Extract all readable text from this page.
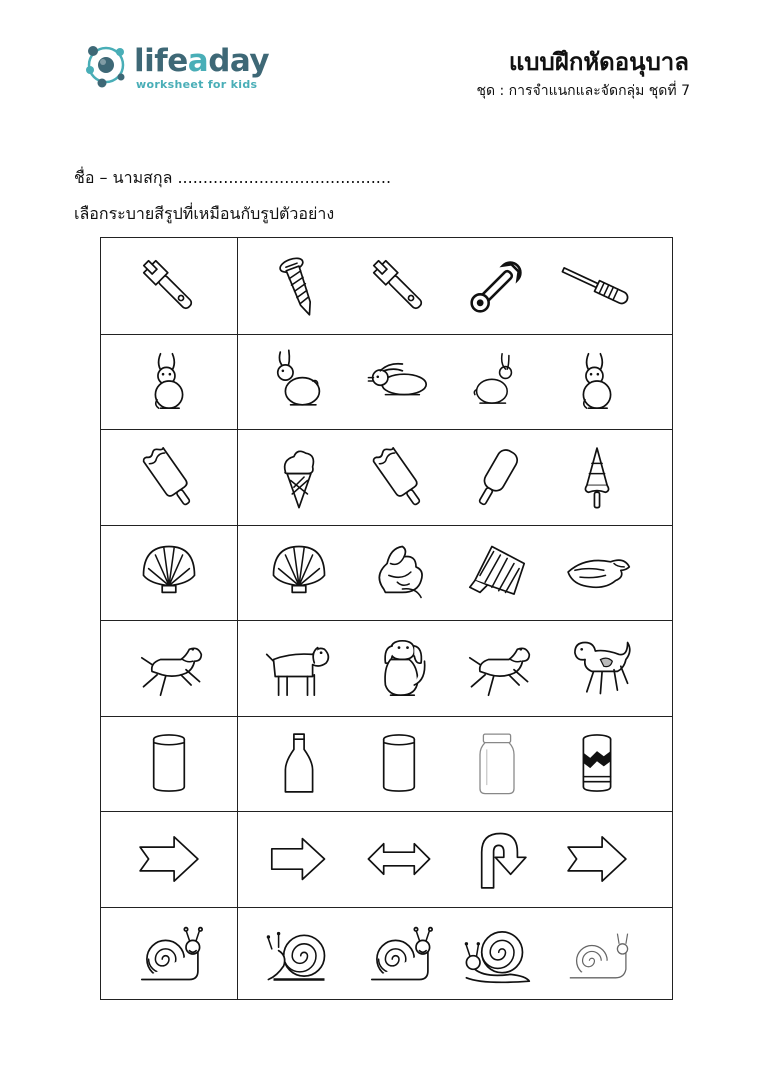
lifeaday
worksheet for kids
แบบฝึกหัดอนุบาล
ชุด : การจำแนกและจัดกลุ่ม ชุดที่ 7
ชื่อ – นามสกุล ..........................................
เลือกระบายสีรูปที่เหมือนกับรูปตัวอย่าง
